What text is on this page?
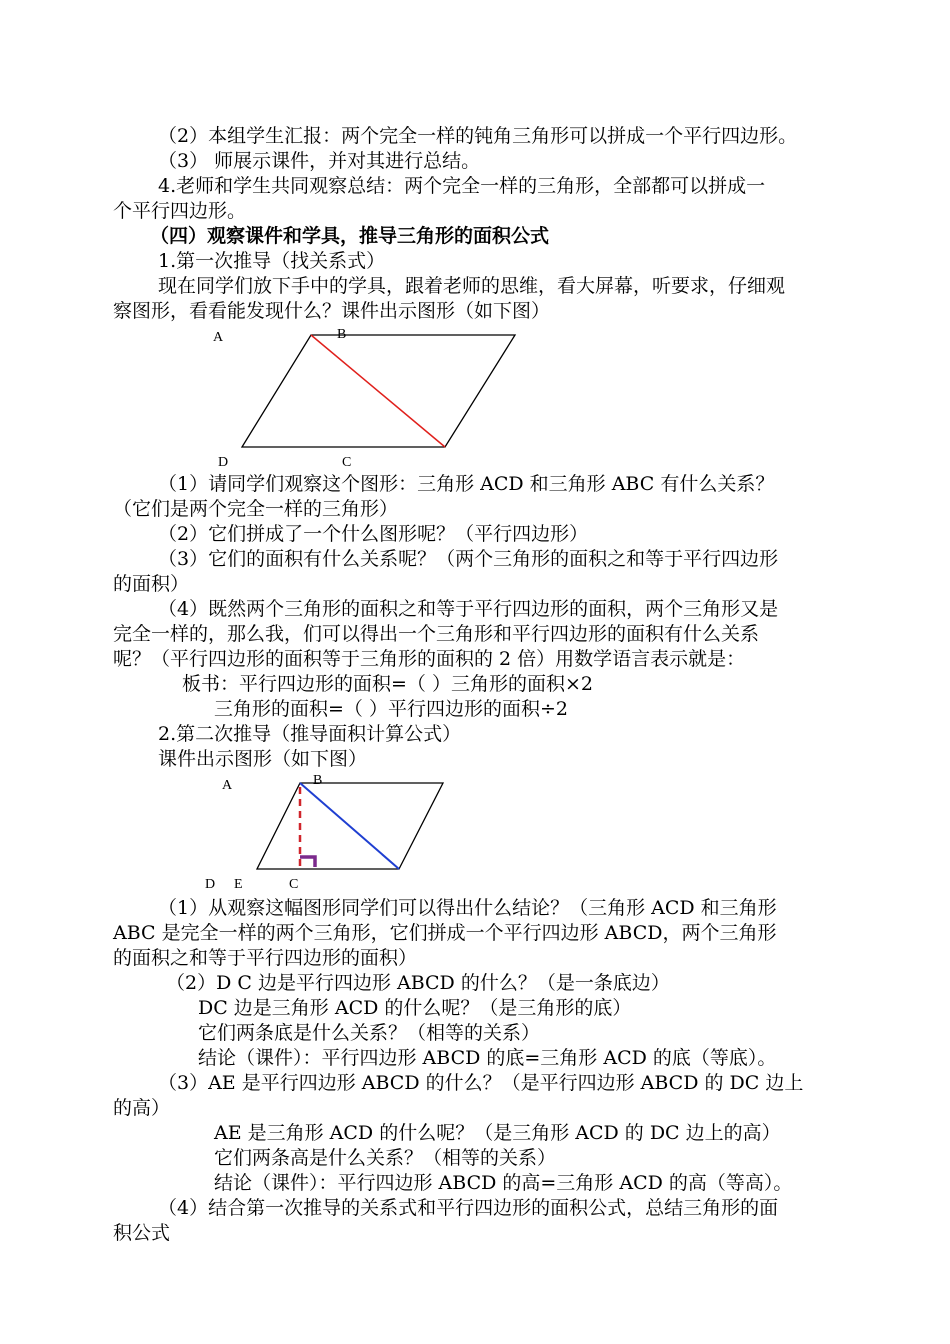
（2）本组学生汇报：两个完全一样的钝角三角形可以拼成一个平行四边形。
（3） 师展示课件，并对其进行总结。
4.老师和学生共同观察总结：两个完全一样的三角形，全部都可以拼成一
个平行四边形。
（四）观察课件和学具，推导三角形的面积公式
1.第一次推导（找关系式）
现在同学们放下手中的学具，跟着老师的思维，看大屏幕，听要求，仔细观
察图形，看看能发现什么？课件出示图形（如下图）
A	B
D	C
（1）请同学们观察这个图形：三角形 ACD 和三角形 ABC 有什么关系？
（它们是两个完全一样的三角形）
（2）它们拼成了一个什么图形呢？（平行四边形）
（3）它们的面积有什么关系呢？（两个三角形的面积之和等于平行四边形
的面积）
（4）既然两个三角形的面积之和等于平行四边形的面积，两个三角形又是
完全一样的，那么我，们可以得出一个三角形和平行四边形的面积有什么关系
呢？（平行四边形的面积等于三角形的面积的 2 倍）用数学语言表示就是：
板书：平行四边形的面积=（ ）三角形的面积×2
三角形的面积=（ ）平行四边形的面积÷2
2.第二次推导（推导面积计算公式）
课件出示图形（如下图）
A	B
D E	C
（1）从观察这幅图形同学们可以得出什么结论？（三角形 ACD 和三角形
ABC 是完全一样的两个三角形，它们拼成一个平行四边形 ABCD，两个三角形
的面积之和等于平行四边形的面积）
（2）D C 边是平行四边形 ABCD 的什么？（是一条底边）
DC 边是三角形 ACD 的什么呢？（是三角形的底）
它们两条底是什么关系？（相等的关系）
结论（课件）：平行四边形 ABCD 的底=三角形 ACD 的底（等底）。
（3）AE 是平行四边形 ABCD 的什么？（是平行四边形 ABCD 的 DC 边上
的高）
AE 是三角形 ACD 的什么呢？（是三角形 ACD 的 DC 边上的高）
它们两条高是什么关系？（相等的关系）
结论（课件）：平行四边形 ABCD 的高=三角形 ACD 的高（等高）。
（4）结合第一次推导的关系式和平行四边形的面积公式，总结三角形的面
积公式
